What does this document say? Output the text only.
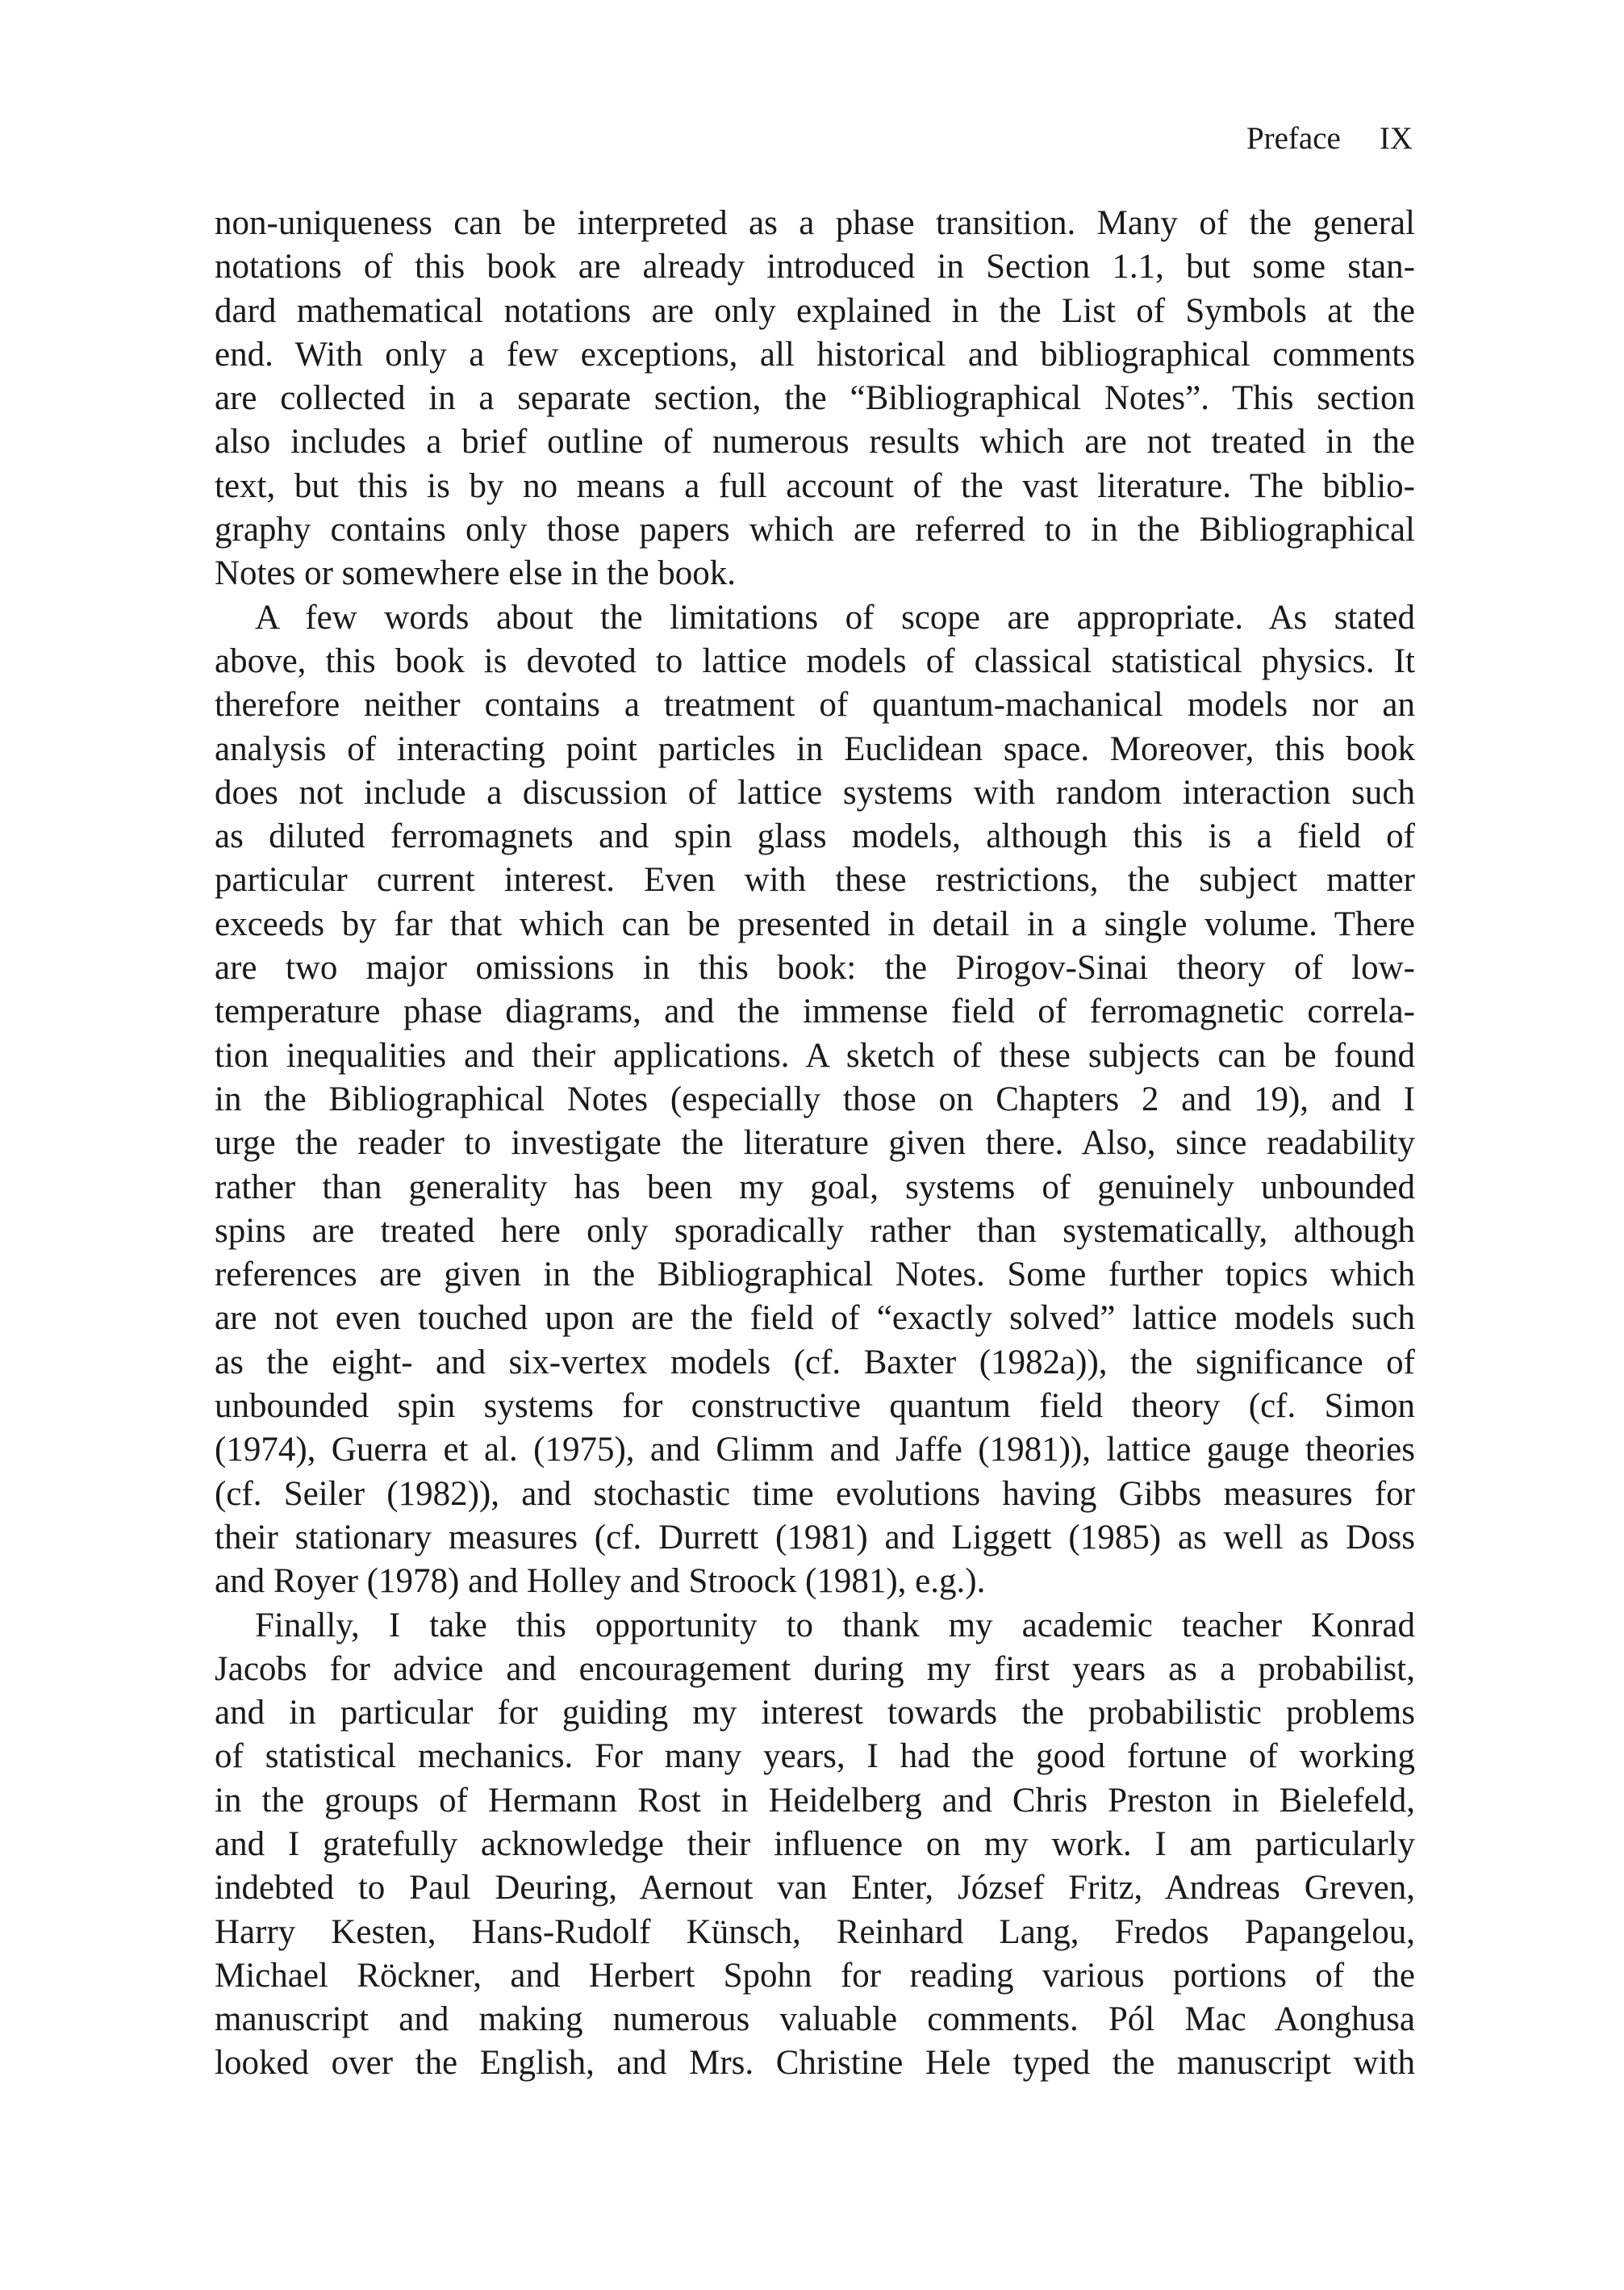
Preface IX
non-uniqueness can be interpreted as a phase transition. Many of the general
notations of this book are already introduced in Section 1.1, but some stan-
dard mathematical notations are only explained in the List of Symbols at the
end. With only a few exceptions, all historical and bibliographical comments
are collected in a separate section, the “Bibliographical Notes”. This section
also includes a brief outline of numerous results which are not treated in the
text, but this is by no means a full account of the vast literature. The biblio-
graphy contains only those papers which are referred to in the Bibliographical
Notes or somewhere else in the book.
A few words about the limitations of scope are appropriate. As stated
above, this book is devoted to lattice models of classical statistical physics. It
therefore neither contains a treatment of quantum-machanical models nor an
analysis of interacting point particles in Euclidean space. Moreover, this book
does not include a discussion of lattice systems with random interaction such
as diluted ferromagnets and spin glass models, although this is a field of
particular current interest. Even with these restrictions, the subject matter
exceeds by far that which can be presented in detail in a single volume. There
are two major omissions in this book: the Pirogov-Sinai theory of low-
temperature phase diagrams, and the immense field of ferromagnetic correla-
tion inequalities and their applications. A sketch of these subjects can be found
in the Bibliographical Notes (especially those on Chapters 2 and 19), and I
urge the reader to investigate the literature given there. Also, since readability
rather than generality has been my goal, systems of genuinely unbounded
spins are treated here only sporadically rather than systematically, although
references are given in the Bibliographical Notes. Some further topics which
are not even touched upon are the field of “exactly solved” lattice models such
as the eight- and six-vertex models (cf. Baxter (1982a)), the significance of
unbounded spin systems for constructive quantum field theory (cf. Simon
(1974), Guerra et al. (1975), and Glimm and Jaffe (1981)), lattice gauge theories
(cf. Seiler (1982)), and stochastic time evolutions having Gibbs measures for
their stationary measures (cf. Durrett (1981) and Liggett (1985) as well as Doss
and Royer (1978) and Holley and Stroock (1981), e.g.).
Finally, I take this opportunity to thank my academic teacher Konrad
Jacobs for advice and encouragement during my first years as a probabilist,
and in particular for guiding my interest towards the probabilistic problems
of statistical mechanics. For many years, I had the good fortune of working
in the groups of Hermann Rost in Heidelberg and Chris Preston in Bielefeld,
and I gratefully acknowledge their influence on my work. I am particularly
indebted to Paul Deuring, Aernout van Enter, József Fritz, Andreas Greven,
Harry Kesten, Hans-Rudolf Künsch, Reinhard Lang, Fredos Papangelou,
Michael Röckner, and Herbert Spohn for reading various portions of the
manuscript and making numerous valuable comments. Pól Mac Aonghusa
looked over the English, and Mrs. Christine Hele typed the manuscript with
